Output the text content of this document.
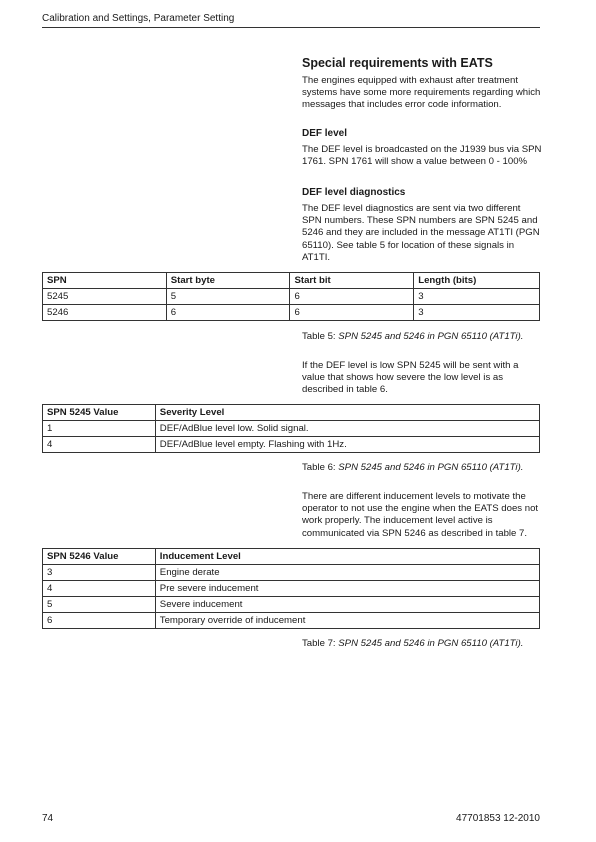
Calibration and Settings, Parameter Setting
Special requirements with EATS
The engines equipped with exhaust after treatment systems have some more requirements regarding which messages that includes error code information.
DEF level
The DEF level is broadcasted on the J1939 bus via SPN 1761. SPN 1761 will show a value between 0 - 100%
DEF level diagnostics
The DEF level diagnostics are sent via two different SPN numbers. These SPN numbers are SPN 5245 and 5246 and they are included in the message AT1TI (PGN 65110). See table 5 for location of these signals in AT1TI.
SPN	Start byte	Start bit	Length (bits)
5245	5	6	3
5246	6	6	3
Table 5: SPN 5245 and 5246 in PGN 65110 (AT1Ti).
If the DEF level is low SPN 5245 will be sent with a value that shows how severe the low level is as described in table 6.
SPN 5245 Value	Severity Level
1	DEF/AdBlue level low. Solid signal.
4	DEF/AdBlue level empty. Flashing with 1Hz.
Table 6: SPN 5245 and 5246 in PGN 65110 (AT1Ti).
There are different inducement levels to motivate the operator to not use the engine when the EATS does not work properly. The inducement level active is communicated via SPN 5246 as described in table 7.
SPN 5246 Value	Inducement Level
3	Engine derate
4	Pre severe inducement
5	Severe inducement
6	Temporary override of inducement
Table 7: SPN 5245 and 5246 in PGN 65110 (AT1Ti).
74	47701853 12-2010
